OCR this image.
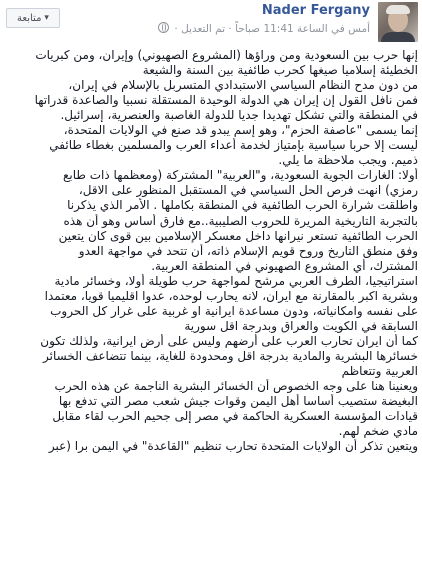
متابعة ▾	Nader Fergany
أمس في الساعة 11:41 صباحاً · تم التعديل ·
إنها حرب بين السعودية ومن وراؤها (المشروع الصهيوني) وإيران، ومن كبريات
الخطيئة إسلاميا صيغها كحرب طائفية بين السنة والشيعة
من دون مدح النظام السياسي الاستبدادي المتسربل بالإسلام في إيران،
فمن نافل القول إن إيران هي الدولة الوحيدة المستقلة نسبيا والصاعدة قدراتها
في المنطقة والتي تشكل تهديدا جديا للدولة الغاصبة والعنصرية، إسرائيل.
إنما يسمى "عاصفة الحزم"، وهو إسم يبدو قد صنع في الولايات المتحدة،
ليست إلا حربا سياسية بإمتياز لخدمة أعداء العرب والمسلمين بغطاء طائفي
ذميم. ويجب ملاحظة ما يلي.
أولا: الغارات الجوية السعودية، و"العربية" المشتركة (ومعظمها ذات طابع
رمزي) انهت فرص الحل السياسي في المستقبل المنظور على الاقل،
واطلقت شرارة الحرب الطائفية في المنطقة بكاملها . الأمر الذي يذكرنا
بالتجربة التاريخية المريرة للحروب الصليبية..مع فارق أساس وهو أن هذه
الحرب الطائفية تستعر نيرانها داخل معسكر الإسلامين بين قوى كان يتعين
وفق منطق التاريخ وروح قويم الإسلام ذاته، أن تتحد في مواجهة العدو
المشترك، أي المشروع الصهيوني في المنطقة العربية.
استراتيجيا، الطرف العربي مرشح لمواجهة حرب طويلة أولا، وخسائر مادية
وبشرية اكبر بالمقارنة مع ايران، لانه يحارب لوحده، عدوا اقليميا قويا، معتمدا
على نفسه وامكانياته، ودون مساعدة ايرانية او غربية على غرار كل الحروب
السابقة في الكويت والعراق وبدرجة اقل سورية
كما أن ايران تحارب العرب على أرضهم وليس على أرض ايرانية، ولذلك تكون
خسائرها البشرية والمادية بدرجة اقل ومحدودة للغاية، بينما تتضاعف الخسائر
العربية وتتعاظم
ويعنينا هنا على وجه الخصوص أن الخسائر البشرية الناجمة عن هذه الحرب
البغيضة ستصيب أساسا أهل اليمن وقوات جيش شعب مصر التي تدفع بها
قيادات المؤسسة العسكرية الحاكمة في مصر إلى جحيم الحرب لقاء مقابل
مادي ضخم لهم.
ويتعين تذكر أن الولايات المتحدة تحارب تنظيم "القاعدة" في اليمن برا (عبر
